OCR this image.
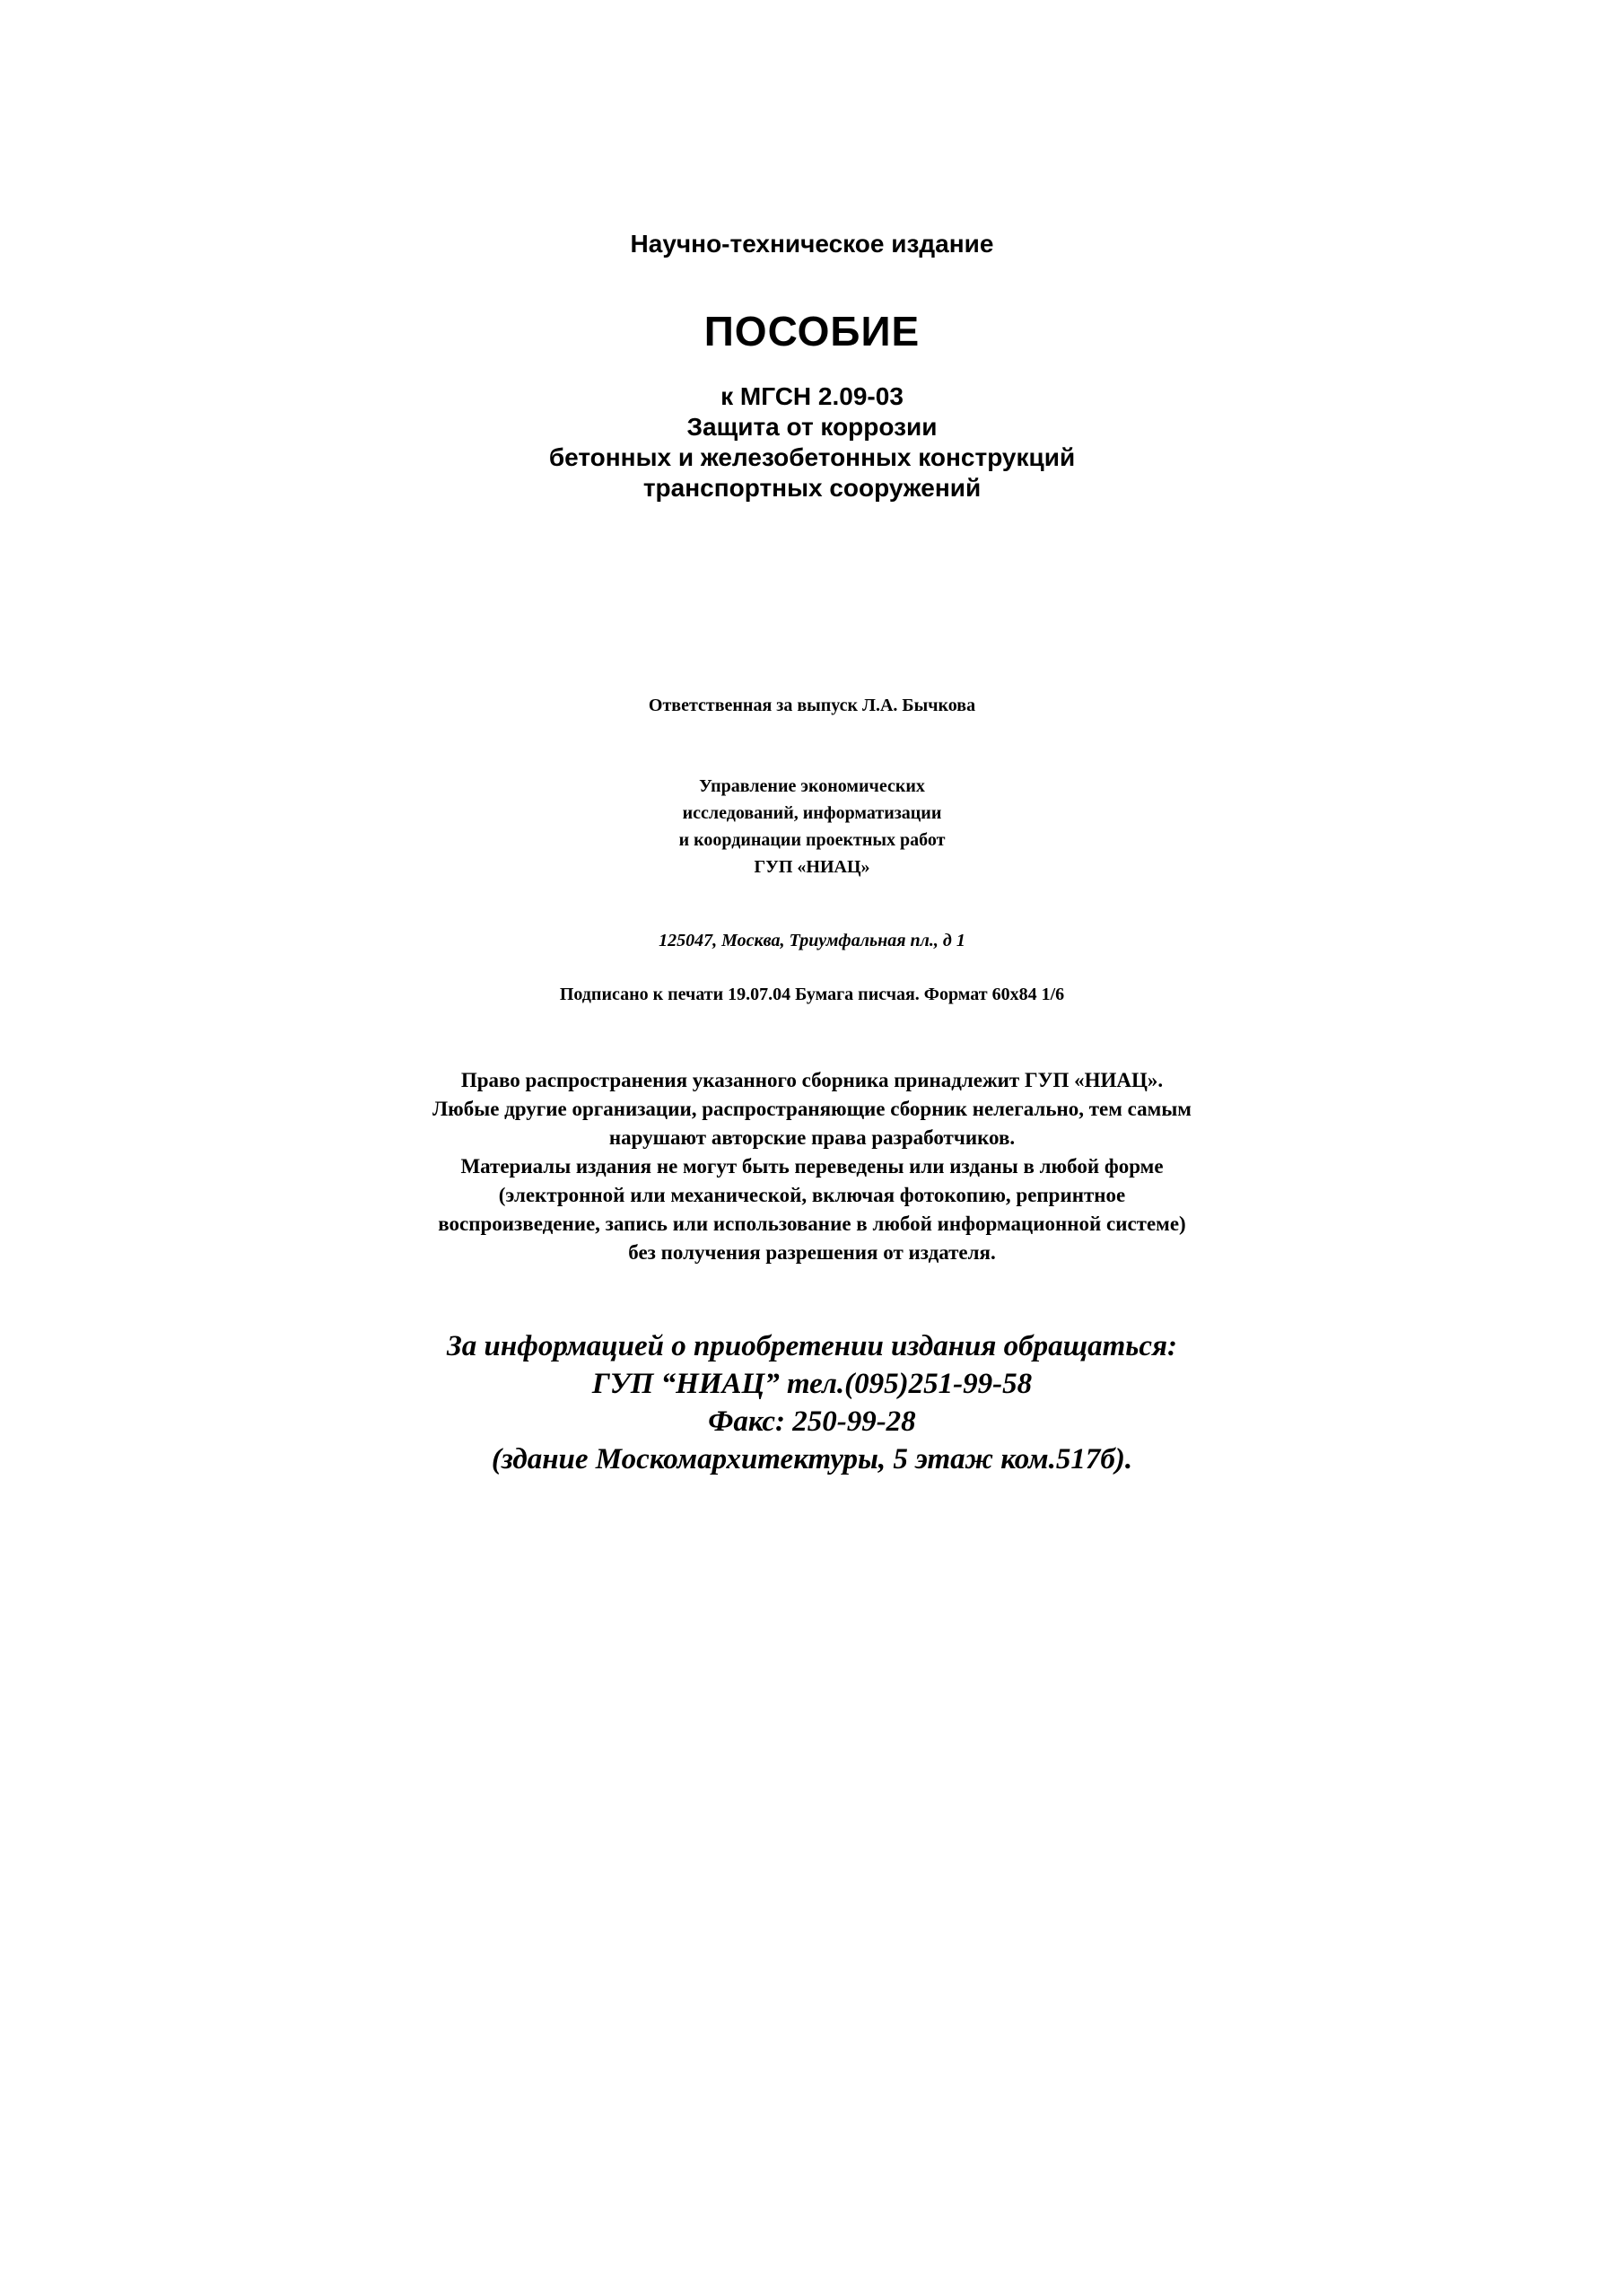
Научно-техническое издание
ПОСОБИЕ
к МГСН 2.09-03
Защита от коррозии
бетонных и железобетонных конструкций
транспортных сооружений
Ответственная за выпуск Л.А. Бычкова
Управление экономических
исследований, информатизации
и координации проектных работ
ГУП «НИАЦ»
125047, Москва, Триумфальная пл., д 1
Подписано к печати 19.07.04 Бумага писчая. Формат 60х84 1/6
Право распространения указанного сборника принадлежит ГУП «НИАЦ».
Любые другие организации, распространяющие сборник нелегально, тем самым
нарушают авторские права разработчиков.
Материалы издания не могут быть переведены или изданы в любой форме
(электронной или механической, включая фотокопию, репринтное
воспроизведение, запись или использование в любой информационной системе)
без получения разрешения от издателя.
За информацией о приобретении издания обращаться:
ГУП “НИАЦ” тел.(095)251-99-58
Факс: 250-99-28
(здание Москомархитектуры, 5 этаж ком.517б).
